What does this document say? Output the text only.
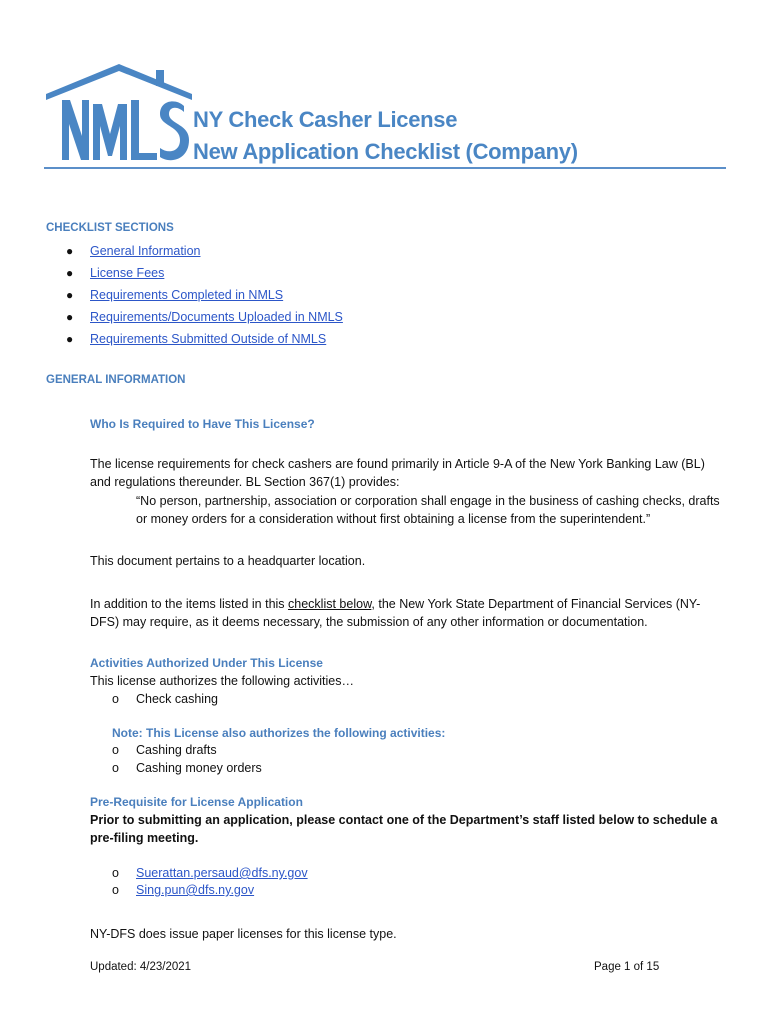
NY Check Casher License
New Application Checklist (Company)
CHECKLIST SECTIONS
● General Information
● License Fees
● Requirements Completed in NMLS
● Requirements/Documents Uploaded in NMLS
● Requirements Submitted Outside of NMLS
GENERAL INFORMATION
Who Is Required to Have This License?

The license requirements for check cashers are found primarily in Article 9-A of the New York Banking Law (BL)
and regulations thereunder. BL Section 367(1) provides:

“No person, partnership, association or corporation shall engage in the business of cashing checks, drafts
or money orders for a consideration without first obtaining a license from the superintendent.”

This document pertains to a headquarter location.

In addition to the items listed in this checklist below, the New York State Department of Financial Services (NY-
DFS) may require, as it deems necessary, the submission of any other information or documentation.

Activities Authorized Under This License

This license authorizes the following activities…

o Check cashing
Note: This License also authorizes the following activities:
o Cashing drafts
o Cashing money orders
Pre-Requisite for License Application

Prior to submitting an application, please contact one of the Department’s staff listed below to schedule a
pre-filing meeting.

o Suerattan.persaud@dfs.ny.gov
o Sing.pun@dfs.ny.gov

NY-DFS does issue paper licenses for this license type.

Updated: 4/23/2021	Page 1 of 15
